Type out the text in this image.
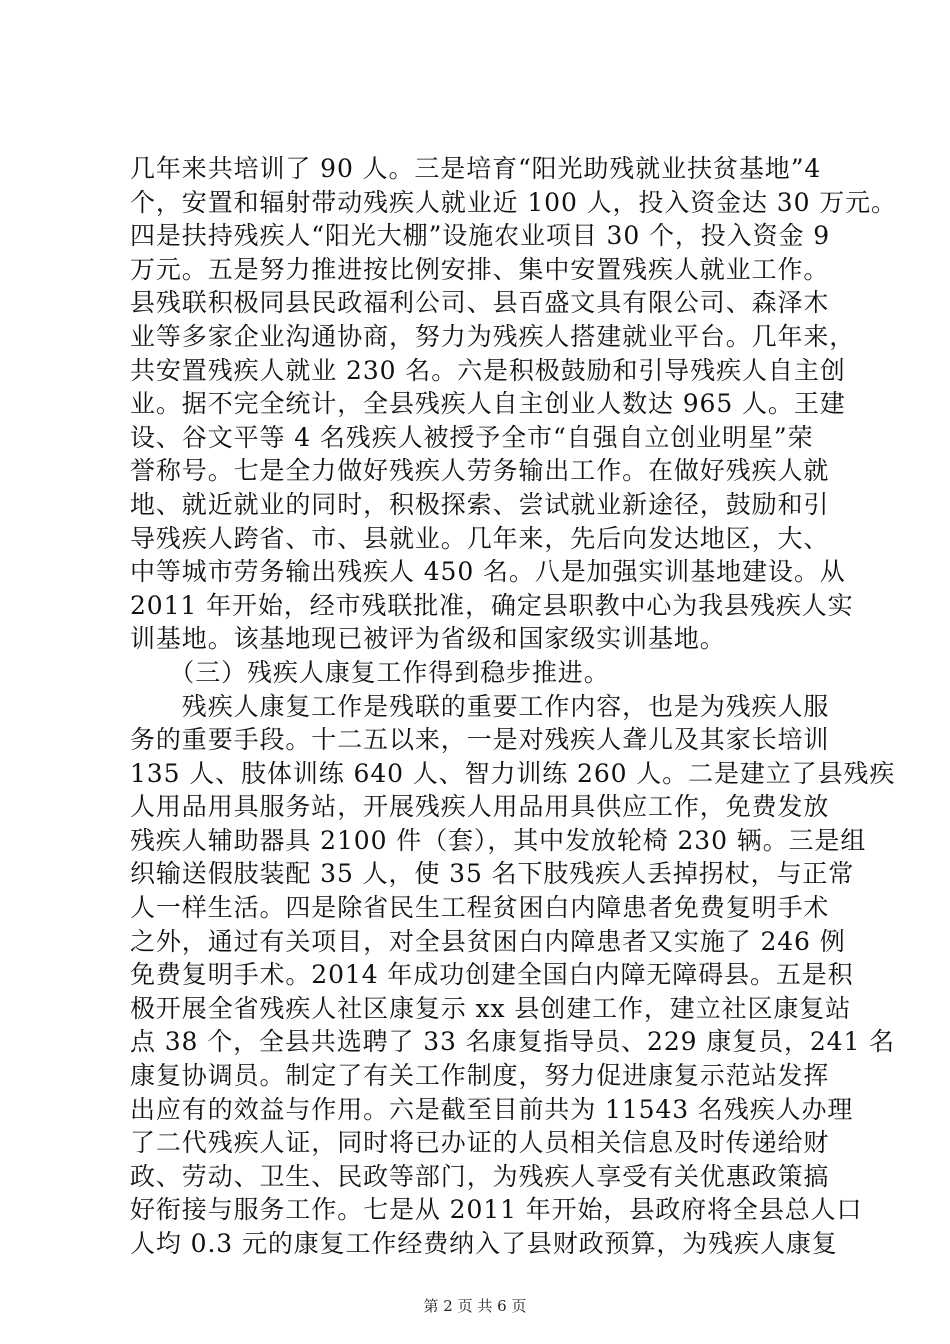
几年来共培训了 90 人。三是培育“阳光助残就业扶贫基地”4
个，安置和辐射带动残疾人就业近 100 人，投入资金达 30 万元。
四是扶持残疾人“阳光大棚”设施农业项目 30 个，投入资金 9
万元。五是努力推进按比例安排、集中安置残疾人就业工作。
县残联积极同县民政福利公司、县百盛文具有限公司、森泽木
业等多家企业沟通协商，努力为残疾人搭建就业平台。几年来，
共安置残疾人就业 230 名。六是积极鼓励和引导残疾人自主创
业。据不完全统计，全县残疾人自主创业人数达 965 人。王建
设、谷文平等 4 名残疾人被授予全市“自强自立创业明星”荣
誉称号。七是全力做好残疾人劳务输出工作。在做好残疾人就
地、就近就业的同时，积极探索、尝试就业新途径，鼓励和引
导残疾人跨省、市、县就业。几年来，先后向发达地区，大、
中等城市劳务输出残疾人 450 名。八是加强实训基地建设。从
2011 年开始，经市残联批准，确定县职教中心为我县残疾人实
训基地。该基地现已被评为省级和国家级实训基地。
　　（三）残疾人康复工作得到稳步推进。
　　残疾人康复工作是残联的重要工作内容，也是为残疾人服
务的重要手段。十二五以来，一是对残疾人聋儿及其家长培训
135 人、肢体训练 640 人、智力训练 260 人。二是建立了县残疾
人用品用具服务站，开展残疾人用品用具供应工作，免费发放
残疾人辅助器具 2100 件（套），其中发放轮椅 230 辆。三是组
织输送假肢装配 35 人，使 35 名下肢残疾人丢掉拐杖，与正常
人一样生活。四是除省民生工程贫困白内障患者免费复明手术
之外，通过有关项目，对全县贫困白内障患者又实施了 246 例
免费复明手术。2014 年成功创建全国白内障无障碍县。五是积
极开展全省残疾人社区康复示 xx 县创建工作，建立社区康复站
点 38 个，全县共选聘了 33 名康复指导员、229 康复员，241 名
康复协调员。制定了有关工作制度，努力促进康复示范站发挥
出应有的效益与作用。六是截至目前共为 11543 名残疾人办理
了二代残疾人证，同时将已办证的人员相关信息及时传递给财
政、劳动、卫生、民政等部门，为残疾人享受有关优惠政策搞
好衔接与服务工作。七是从 2011 年开始，县政府将全县总人口
人均 0.3 元的康复工作经费纳入了县财政预算，为残疾人康复
第 2 页 共 6 页
